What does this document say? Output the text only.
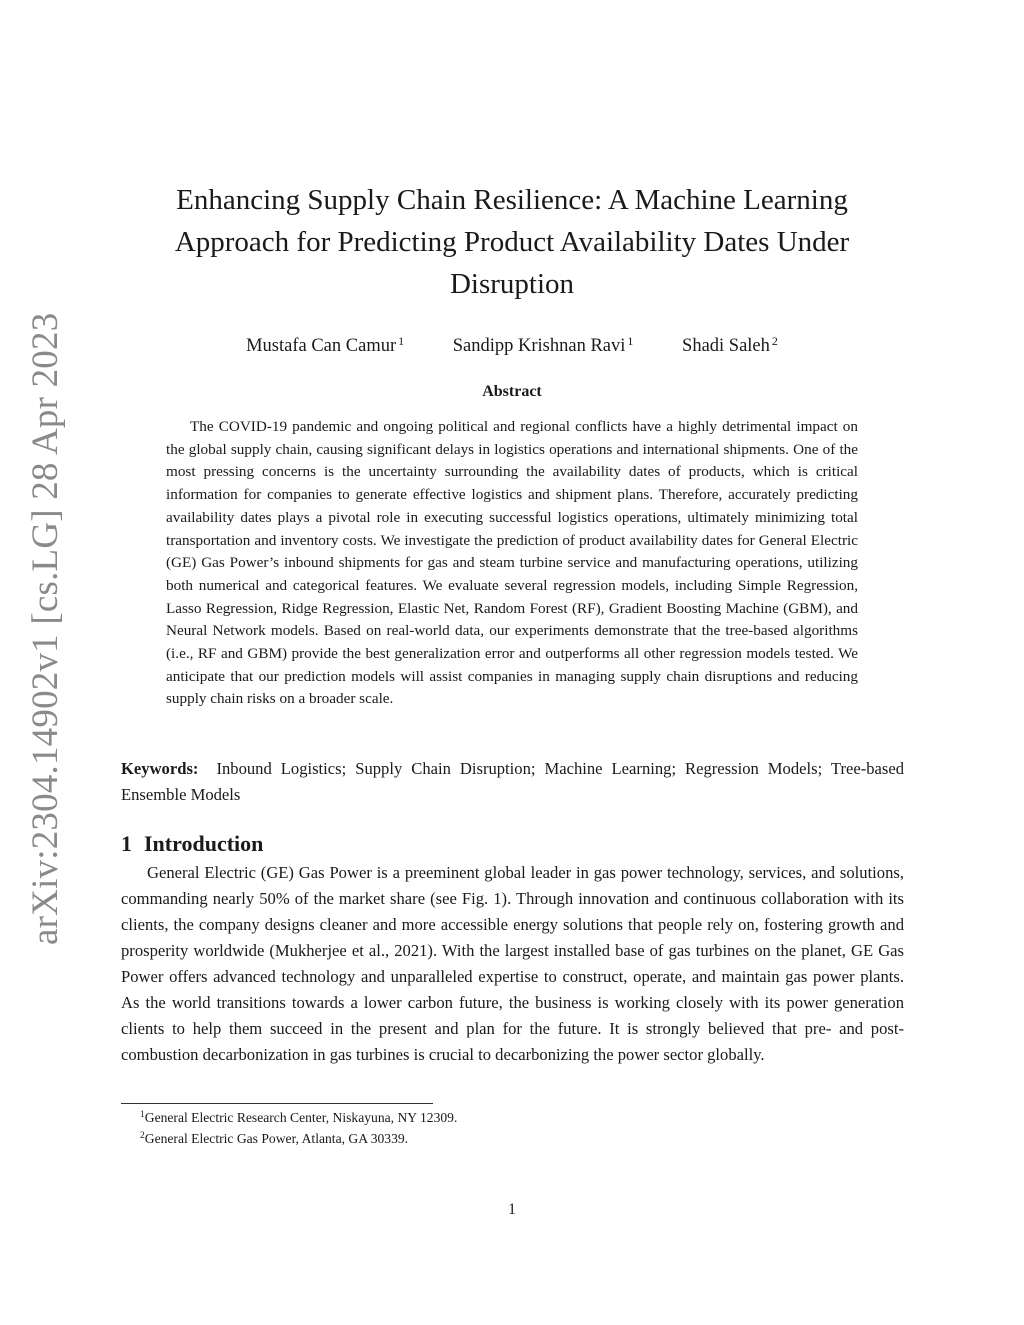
arXiv:2304.14902v1 [cs.LG] 28 Apr 2023
Enhancing Supply Chain Resilience: A Machine Learning Approach for Predicting Product Availability Dates Under Disruption
Mustafa Can Camur $^1$	Sandipp Krishnan Ravi $^1$	Shadi Saleh $^2$
Abstract

The COVID-19 pandemic and ongoing political and regional conflicts have a highly detrimental impact on the global supply chain, causing significant delays in logistics operations and international shipments. One of the most pressing concerns is the uncertainty surrounding the availability dates of products, which is critical information for companies to generate effective logistics and shipment plans. Therefore, accurately predicting availability dates plays a pivotal role in executing successful logistics operations, ultimately minimizing total transportation and inventory costs. We investigate the prediction of product availability dates for General Electric (GE) Gas Power’s inbound shipments for gas and steam turbine service and manufacturing operations, utilizing both numerical and categorical features. We evaluate several regression models, including Simple Regression, Lasso Regression, Ridge Regression, Elastic Net, Random Forest (RF), Gradient Boosting Machine (GBM), and Neural Network models. Based on real-world data, our experiments demonstrate that the tree-based algorithms (i.e., RF and GBM) provide the best generalization error and outperforms all other regression models tested. We anticipate that our prediction models will assist companies in managing supply chain disruptions and reducing supply chain risks on a broader scale.

Keywords: Inbound Logistics; Supply Chain Disruption; Machine Learning; Regression Models; Tree-based Ensemble Models

1 Introduction

General Electric (GE) Gas Power is a preeminent global leader in gas power technology, services, and solutions, commanding nearly 50% of the market share (see Fig. 1). Through innovation and continuous collaboration with its clients, the company designs cleaner and more accessible energy solutions that people rely on, fostering growth and prosperity worldwide (Mukherjee et al., 2021). With the largest installed base of gas turbines on the planet, GE Gas Power offers advanced technology and unparalleled expertise to construct, operate, and maintain gas power plants. As the world transitions towards a lower carbon future, the business is working closely with its power generation clients to help them succeed in the present and plan for the future. It is strongly believed that pre- and post-combustion decarbonization in gas turbines is crucial to decarbonizing the power sector globally.

$^1$General Electric Research Center, Niskayuna, NY 12309.
$^2$General Electric Gas Power, Atlanta, GA 30339.
1
